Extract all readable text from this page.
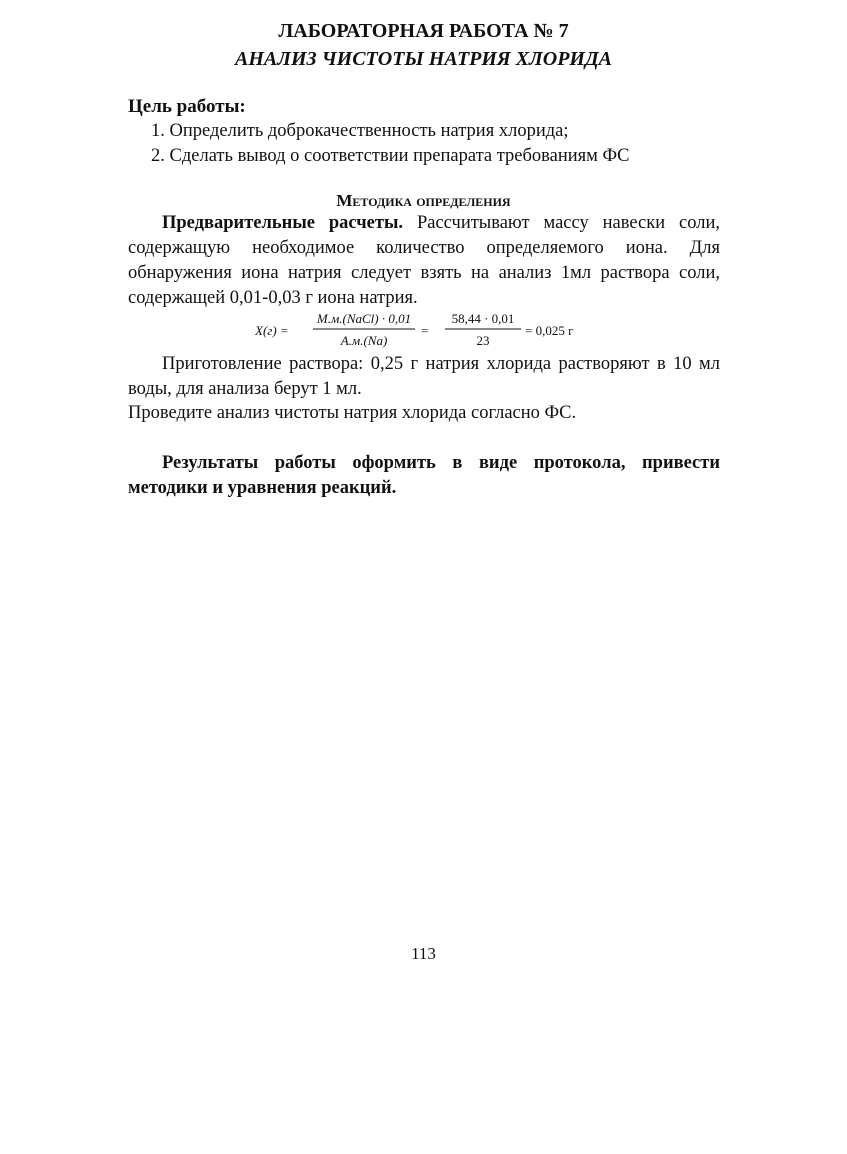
ЛАБОРАТОРНАЯ РАБОТА № 7
АНАЛИЗ ЧИСТОТЫ НАТРИЯ ХЛОРИДА
Цель работы:
1. Определить доброкачественность натрия хлорида;
2. Сделать вывод о соответствии препарата требованиям ФС
Методика определения

Предварительные расчеты. Рассчитывают массу навески соли, содержащую необходимое количество определяемого иона. Для обнаружения иона натрия следует взять на анализ 1мл раствора соли, содержащей 0,01-0,03 г иона натрия.

X(г) =
М.м.(NaCl) · 0,01
А.м.(Na)
=
58,44 · 0,01
23
= 0,025 г

Приготовление раствора: 0,25 г натрия хлорида растворяют в 10 мл воды, для анализа берут 1 мл.

Проведите анализ чистоты натрия хлорида согласно ФС.

Результаты работы оформить в виде протокола, привести методики и уравнения реакций.

113
